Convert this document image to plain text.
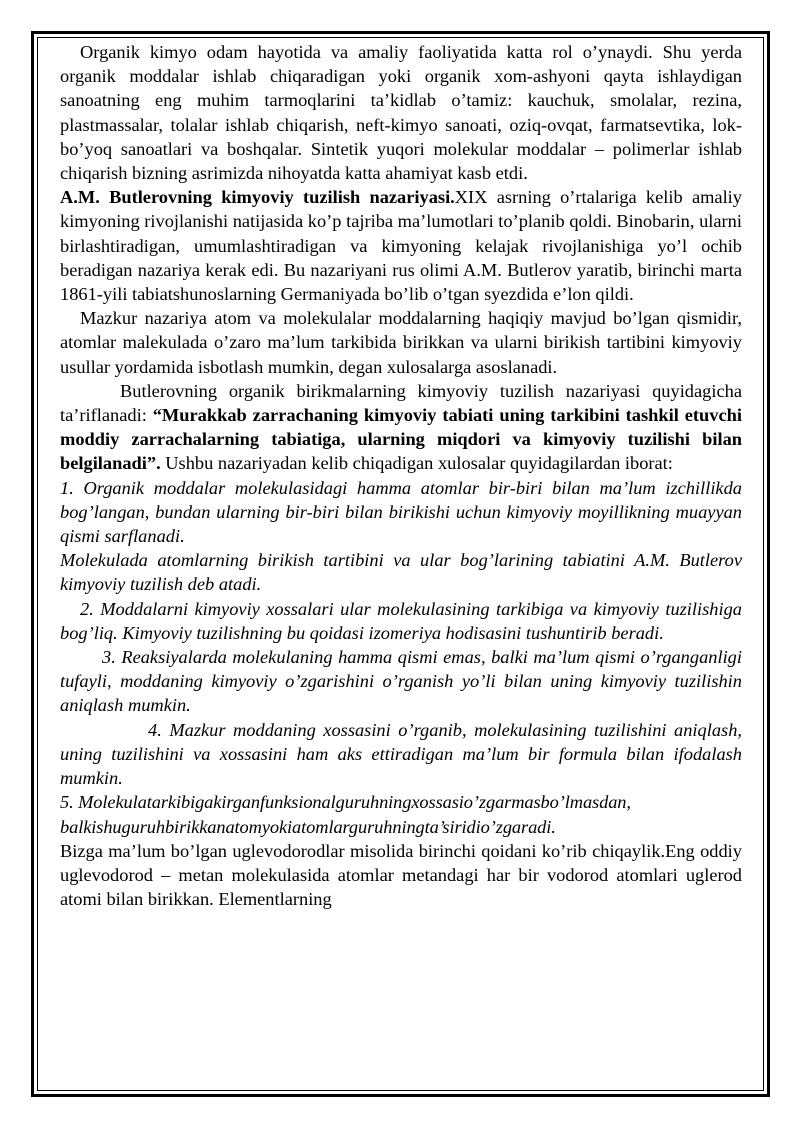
Organik kimyo odam hayotida va amaliy faoliyatida katta rol o’ynaydi. Shu yerda organik moddalar ishlab chiqaradigan yoki organik xom-ashyoni qayta ishlaydigan sanoatning eng muhim tarmoqlarini ta’kidlab o’tamiz: kauchuk, smolalar, rezina, plastmassalar, tolalar ishlab chiqarish, neft-kimyo sanoati, oziq-ovqat, farmatsevtika, lok-bo’yoq sanoatlari va boshqalar. Sintetik yuqori molekular moddalar – polimerlar ishlab chiqarish bizning asrimizda nihoyatda katta ahamiyat kasb etdi.

A.M. Butlerovning kimyoviy tuzilish nazariyasi.XIX asrning o’rtalariga kelib amaliy kimyoning rivojlanishi natijasida ko’p tajriba ma’lumotlari to’planib qoldi. Binobarin, ularni birlashtiradigan, umumlashtiradigan va kimyoning kelajak rivojlanishiga yo’l ochib beradigan nazariya kerak edi. Bu nazariyani rus olimi A.M. Butlerov yaratib, birinchi marta 1861-yili tabiatshunoslarning Germaniyada bo’lib o’tgan syezdida e’lon qildi.

Mazkur nazariya atom va molekulalar moddalarning haqiqiy mavjud bo’lgan qismidir, atomlar malekulada o’zaro ma’lum tarkibida birikkan va ularni birikish tartibini kimyoviy usullar yordamida isbotlash mumkin, degan xulosalarga asoslanadi.

Butlerovning organik birikmalarning kimyoviy tuzilish nazariyasi quyidagicha ta’riflanadi: “Murakkab zarrachaning kimyoviy tabiati uning tarkibini tashkil etuvchi moddiy zarrachalarning tabiatiga, ularning miqdori va kimyoviy tuzilishi bilan belgilanadi”. Ushbu nazariyadan kelib chiqadigan xulosalar quyidagilardan iborat:

1. Organik moddalar molekulasidagi hamma atomlar bir-biri bilan ma’lum izchillikda bog’langan, bundan ularning bir-biri bilan birikishi uchun kimyoviy moyillikning muayyan qismi sarflanadi.

Molekulada atomlarning birikish tartibini va ular bog’larining tabiatini A.M. Butlerov kimyoviy tuzilish deb atadi.

2. Moddalarni kimyoviy xossalari ular molekulasining tarkibiga va kimyoviy tuzilishiga bog’liq. Kimyoviy tuzilishning bu qoidasi izomeriya hodisasini tushuntirib beradi.

3. Reaksiyalarda molekulaning hamma qismi emas, balki ma’lum qismi o’rganganligi tufayli, moddaning kimyoviy o’zgarishini o’rganish yo’li bilan uning kimyoviy tuzilishin aniqlash mumkin.

4. Mazkur moddaning xossasini o’rganib, molekulasining tuzilishini aniqlash, uning tuzilishini va xossasini ham aks ettiradigan ma’lum bir formula bilan ifodalash mumkin.

5. Molekulatarkibigakirganfunksionalguruhningxossasio’zgarmasbo’lmasdan, balkishuguruhbirikkanatomyokiatomlarguruhningta’siridio’zgaradi.

Bizga ma’lum bo’lgan uglevodorodlar misolida birinchi qoidani ko’rib chiqaylik.Eng oddiy uglevodorod – metan molekulasida atomlar metandagi har bir vodorod atomlari uglerod atomi bilan birikkan. Elementlarning
